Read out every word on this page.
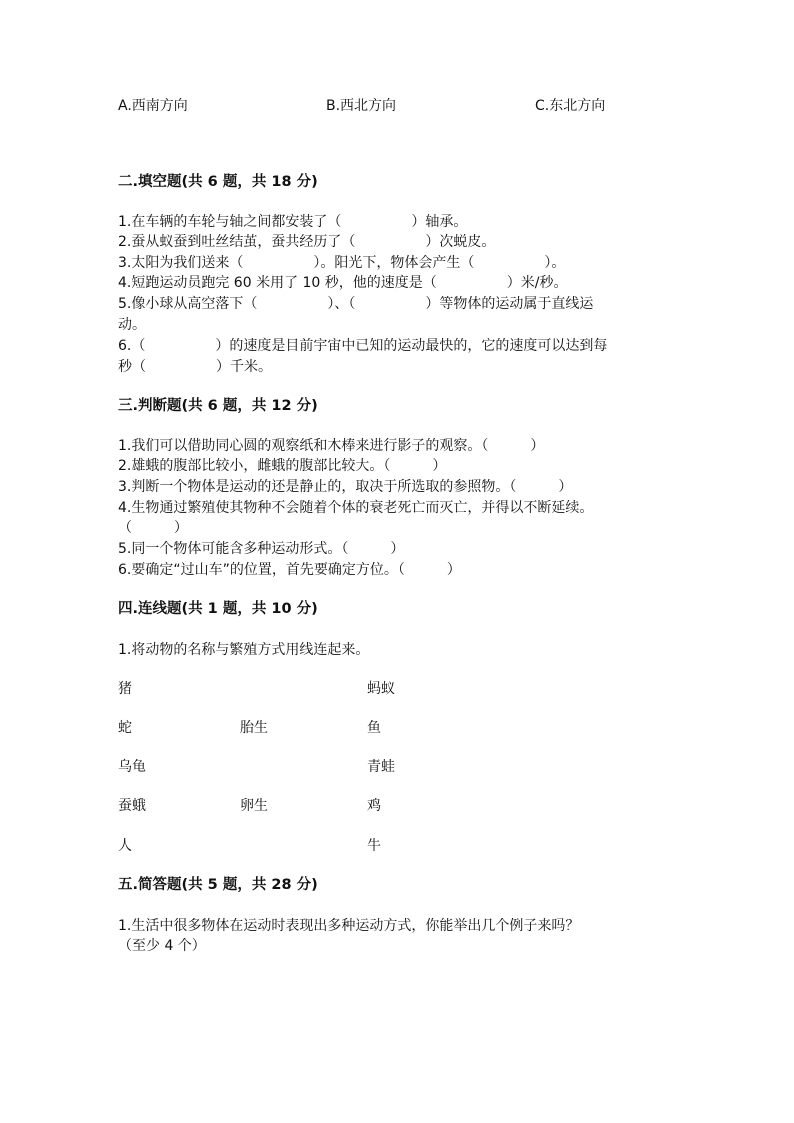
A.西南方向	B.西北方向	C.东北方向
二.填空题(共 6 题，共 18 分)
1.在车辆的车轮与轴之间都安装了（　　　　　）轴承。
2.蚕从蚁蚕到吐丝结茧，蚕共经历了（　　　　　）次蜕皮。
3.太阳为我们送来（　　　　　）。阳光下，物体会产生（　　　　　）。
4.短跑运动员跑完 60 米用了 10 秒，他的速度是（　　　　　）米/秒。
5.像小球从高空落下（　　　　　）、（　　　　　）等物体的运动属于直线运
动。
6.（　　　　　）的速度是目前宇宙中已知的运动最快的，它的速度可以达到每
秒（　　　　　）千米。
三.判断题(共 6 题，共 12 分)
1.我们可以借助同心圆的观察纸和木棒来进行影子的观察。（　　　）
2.雄蛾的腹部比较小，雌蛾的腹部比较大。（　　　）
3.判断一个物体是运动的还是静止的，取决于所选取的参照物。（　　　）
4.生物通过繁殖使其物种不会随着个体的衰老死亡而灭亡，并得以不断延续。
（　　　）
5.同一个物体可能含多种运动形式。（　　　）
6.要确定“过山车”的位置，首先要确定方位。（　　　）
四.连线题(共 1 题，共 10 分)
1.将动物的名称与繁殖方式用线连起来。
猪
蛇
乌龟
蚕蛾
人
胎生
卵生
蚂蚁
鱼
青蛙
鸡
牛
五.简答题(共 5 题，共 28 分)
1.生活中很多物体在运动时表现出多种运动方式，你能举出几个例子来吗？
（至少 4 个）
